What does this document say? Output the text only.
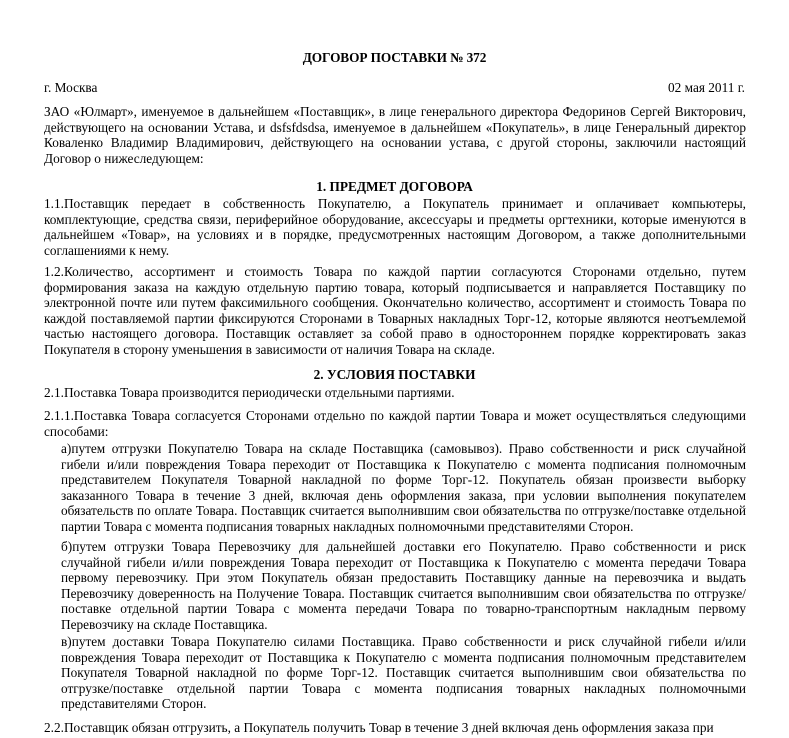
ДОГОВОР ПОСТАВКИ № 372
г. Москва	02 мая 2011 г.
ЗАО «Юлмарт», именуемое в дальнейшем «Поставщик», в лице генерального директора Федоринов Сергей Викторович, действующего на основании Устава, и dsfsfdsdsa, именуемое в дальнейшем «Покупатель», в лице Генеральный директор Коваленко Владимир Владимирович, действующего на основании устава, с другой стороны, заключили настоящий Договор о нижеследующем:
1. ПРЕДМЕТ ДОГОВОРА
1.1.Поставщик передает в собственность Покупателю, а Покупатель принимает и оплачивает компьютеры, комплектующие, средства связи, периферийное оборудование, аксессуары и предметы оргтехники, которые именуются в дальнейшем «Товар», на условиях и в порядке, предусмотренных настоящим Договором, а также дополнительными соглашениями к нему.
1.2.Количество, ассортимент и стоимость Товара по каждой партии согласуются Сторонами отдельно, путем формирования заказа на каждую отдельную партию товара, который подписывается и направляется Поставщику по электронной почте или путем факсимильного сообщения. Окончательно количество, ассортимент и стоимость Товара по каждой поставляемой партии фиксируются Сторонами в Товарных накладных Торг-12, которые являются неотъемлемой частью настоящего договора. Поставщик оставляет за собой право в одностороннем порядке корректировать заказ Покупателя в сторону уменьшения в зависимости от наличия Товара на складе.
2. УСЛОВИЯ ПОСТАВКИ
2.1.Поставка Товара производится периодически отдельными партиями.
2.1.1.Поставка Товара согласуется Сторонами отдельно по каждой партии Товара и может осуществляться следующими способами:
а)путем отгрузки Покупателю Товара на складе Поставщика (самовывоз). Право собственности и риск случайной гибели и/или повреждения Товара переходит от Поставщика к Покупателю с момента подписания полномочным представителем Покупателя Товарной накладной по форме Торг-12. Покупатель обязан произвести выборку заказанного Товара в течение 3 дней, включая день оформления заказа, при условии выполнения покупателем обязательств по оплате Товара. Поставщик считается выполнившим свои обязательства по отгрузке/поставке отдельной партии Товара с момента подписания товарных накладных полномочными представителями Сторон.
б)путем отгрузки Товара Перевозчику для дальнейшей доставки его Покупателю. Право собственности и риск случайной гибели и/или повреждения Товара переходит от Поставщика к Покупателю с момента передачи Товара первому перевозчику. При этом Покупатель обязан предоставить Поставщику данные на перевозчика и выдать Перевозчику доверенность на Получение Товара. Поставщик считается выполнившим свои обязательства по отгрузке/поставке отдельной партии Товара с момента передачи Товара по товарно-транспортным накладным первому Перевозчику на складе Поставщика.
в)путем доставки Товара Покупателю силами Поставщика. Право собственности и риск случайной гибели и/или повреждения Товара переходит от Поставщика к Покупателю с момента подписания полномочным представителем Покупателя Товарной накладной по форме Торг-12. Поставщик считается выполнившим свои обязательства по отгрузке/поставке отдельной партии Товара с момента подписания товарных накладных полномочными представителями Сторон.
2.2.Поставщик обязан отгрузить, а Покупатель получить Товар в течение 3 дней включая день оформления заказа при
